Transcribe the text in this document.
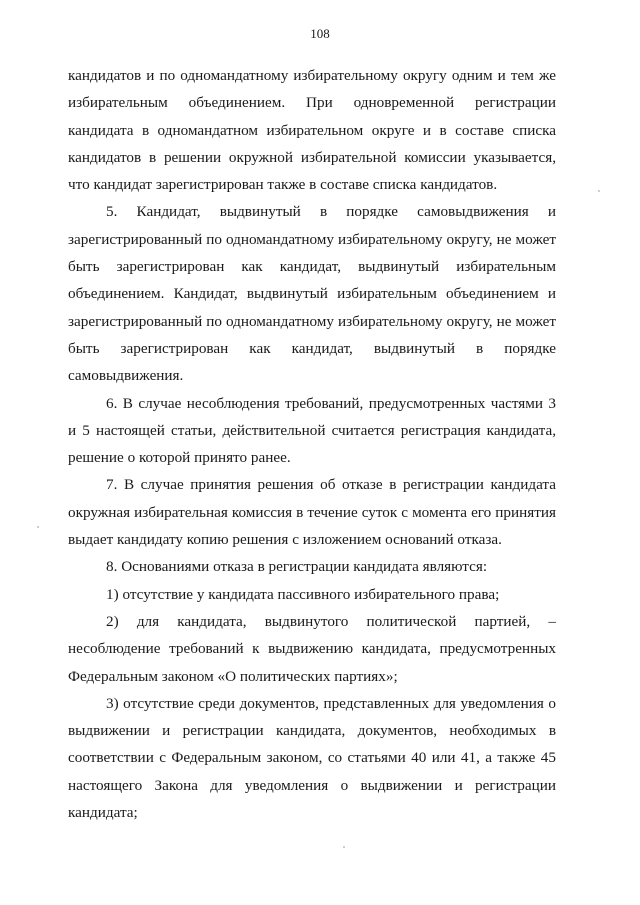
108

кандидатов и по одномандатному избирательному округу одним и тем же избирательным объединением. При одновременной регистрации кандидата в одномандатном избирательном округе и в составе списка кандидатов в решении окружной избирательной комиссии указывается, что кандидат зарегистрирован также в составе списка кандидатов.

5. Кандидат, выдвинутый в порядке самовыдвижения и зарегистрированный по одномандатному избирательному округу, не может быть зарегистрирован как кандидат, выдвинутый избирательным объединением. Кандидат, выдвинутый избирательным объединением и зарегистрированный по одномандатному избирательному округу, не может быть зарегистрирован как кандидат, выдвинутый в порядке самовыдвижения.

6. В случае несоблюдения требований, предусмотренных частями 3 и 5 настоящей статьи, действительной считается регистрация кандидата, решение о которой принято ранее.

7. В случае принятия решения об отказе в регистрации кандидата окружная избирательная комиссия в течение суток с момента его принятия выдает кандидату копию решения с изложением оснований отказа.

8. Основаниями отказа в регистрации кандидата являются:

1) отсутствие у кандидата пассивного избирательного права;

2) для кандидата, выдвинутого политической партией, – несоблюдение требований к выдвижению кандидата, предусмотренных Федеральным законом «О политических партиях»;

3) отсутствие среди документов, представленных для уведомления о выдвижении и регистрации кандидата, документов, необходимых в соответствии с Федеральным законом, со статьями 40 или 41, а также 45 настоящего Закона для уведомления о выдвижении и регистрации кандидата;
